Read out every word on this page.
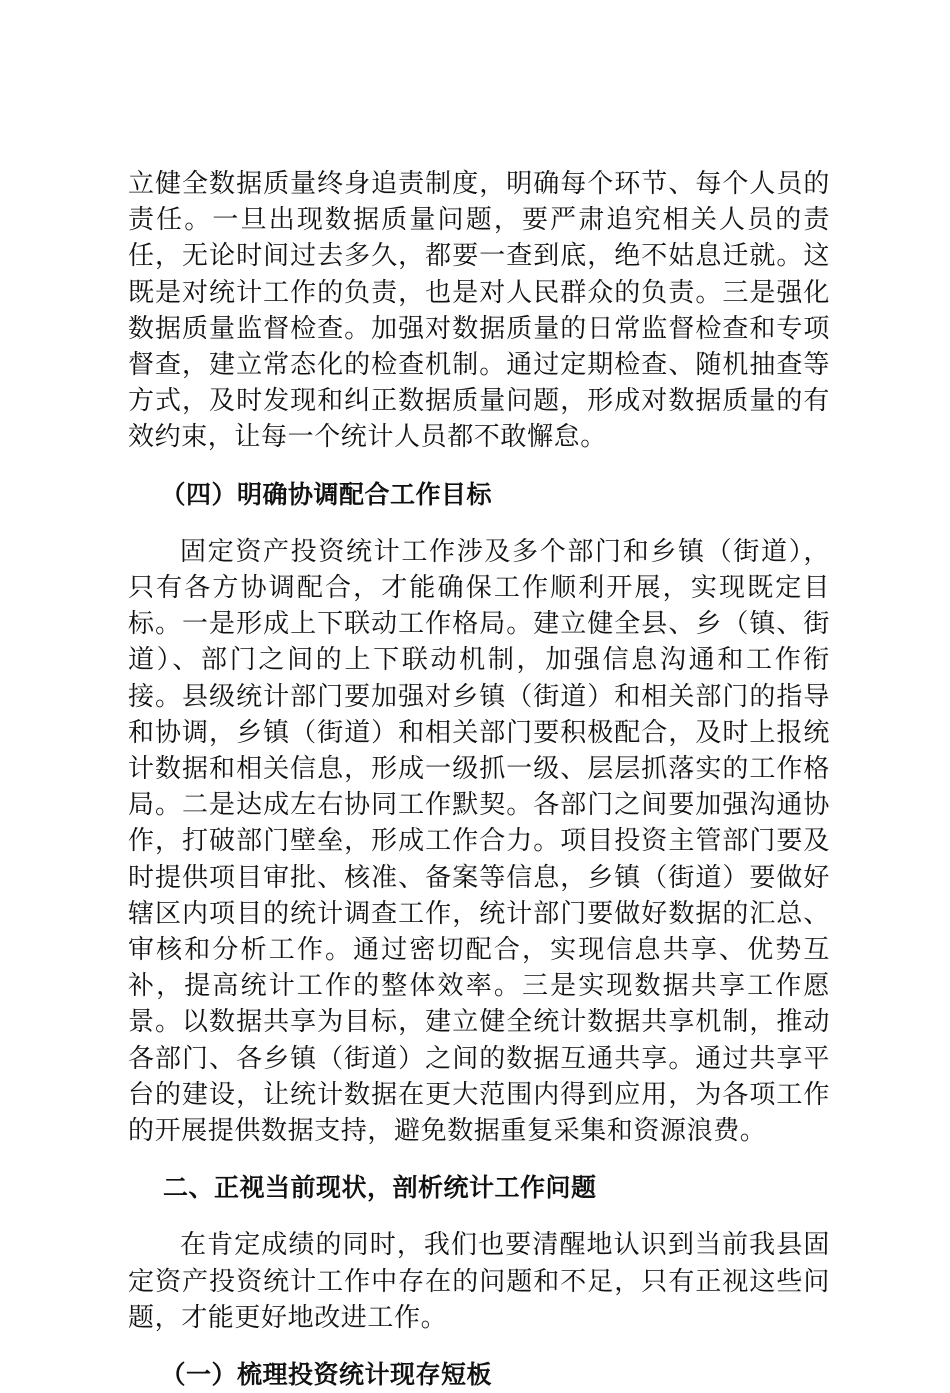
立健全数据质量终身追责制度，明确每个环节、每个人员的责任。一旦出现数据质量问题，要严肃追究相关人员的责任，无论时间过去多久，都要一查到底，绝不姑息迁就。这既是对统计工作的负责，也是对人民群众的负责。三是强化数据质量监督检查。加强对数据质量的日常监督检查和专项督查，建立常态化的检查机制。通过定期检查、随机抽查等方式，及时发现和纠正数据质量问题，形成对数据质量的有效约束，让每一个统计人员都不敢懈怠。

（四）明确协调配合工作目标

固定资产投资统计工作涉及多个部门和乡镇（街道），只有各方协调配合，才能确保工作顺利开展，实现既定目标。一是形成上下联动工作格局。建立健全县、乡（镇、街道）、部门之间的上下联动机制，加强信息沟通和工作衔接。县级统计部门要加强对乡镇（街道）和相关部门的指导和协调，乡镇（街道）和相关部门要积极配合，及时上报统计数据和相关信息，形成一级抓一级、层层抓落实的工作格局。二是达成左右协同工作默契。各部门之间要加强沟通协作，打破部门壁垒，形成工作合力。项目投资主管部门要及时提供项目审批、核准、备案等信息，乡镇（街道）要做好辖区内项目的统计调查工作，统计部门要做好数据的汇总、审核和分析工作。通过密切配合，实现信息共享、优势互补，提高统计工作的整体效率。三是实现数据共享工作愿景。以数据共享为目标，建立健全统计数据共享机制，推动各部门、各乡镇（街道）之间的数据互通共享。通过共享平台的建设，让统计数据在更大范围内得到应用，为各项工作的开展提供数据支持，避免数据重复采集和资源浪费。

二、正视当前现状，剖析统计工作问题

在肯定成绩的同时，我们也要清醒地认识到当前我县固定资产投资统计工作中存在的问题和不足，只有正视这些问题，才能更好地改进工作。

（一）梳理投资统计现存短板
